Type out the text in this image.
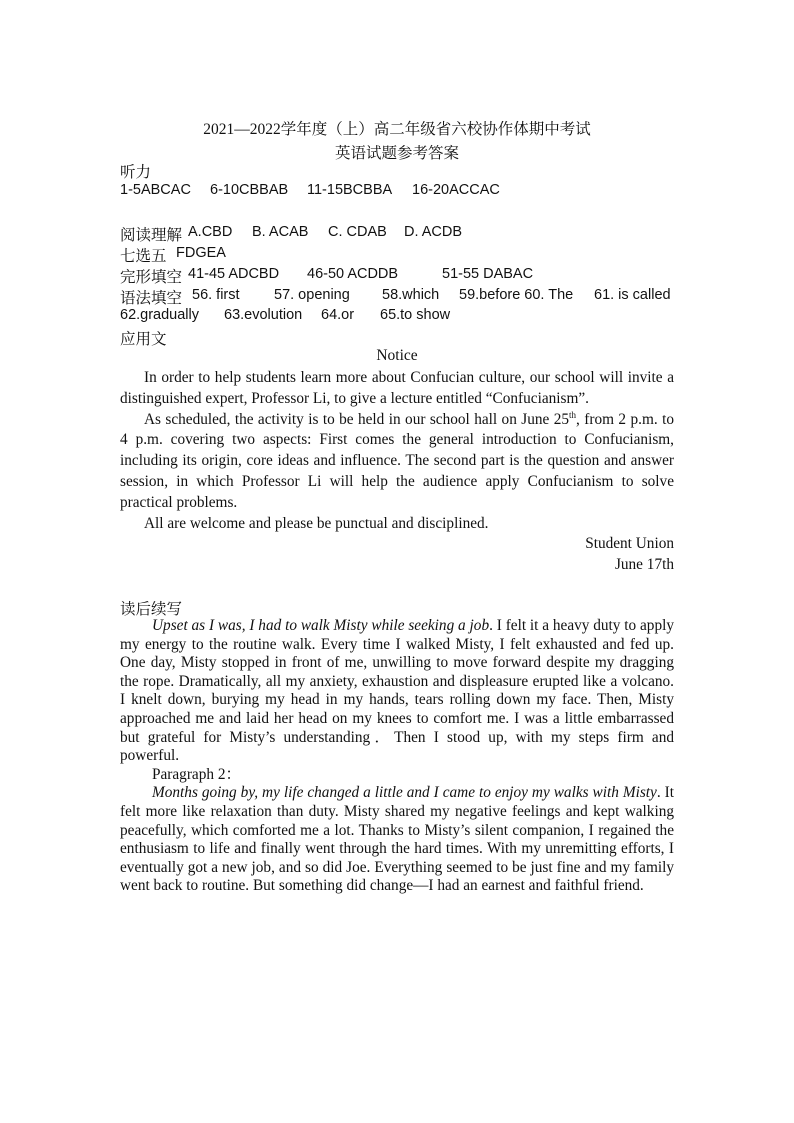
2021—2022学年度（上）高二年级省六校协作体期中考试
英语试题参考答案
听力
1-5ABCAC 6-10CBBAB 11-15BCBBA 16-20ACCAC
阅读理解 A.CBD B. ACAB C. CDAB D. ACDB
七选五 FDGEA
完形填空 41-45 ADCBD 46-50 ACDDB	51-55 DABAC
语法填空 56. first 57. opening 58.which 59.before 60. The 61. is called
62.gradually 63.evolution 64.or 65.to show
应用文
Notice

In order to help students learn more about Confucian culture, our school will invite a distinguished expert, Professor Li, to give a lecture entitled “Confucianism”.

As scheduled, the activity is to be held in our school hall on June 25th, from 2 p.m. to 4 p.m. covering two aspects: First comes the general introduction to Confucianism, including its origin, core ideas and influence. The second part is the question and answer session, in which Professor Li will help the audience apply Confucianism to solve practical problems.

All are welcome and please be punctual and disciplined.

Student Union
June 17th
读后续写

Upset as I was, I had to walk Misty while seeking a job. I felt it a heavy duty to apply my energy to the routine walk. Every time I walked Misty, I felt exhausted and fed up. One day, Misty stopped in front of me, unwilling to move forward despite my dragging the rope. Dramatically, all my anxiety, exhaustion and displeasure erupted like a volcano. I knelt down, burying my head in my hands, tears rolling down my face. Then, Misty approached me and laid her head on my knees to comfort me. I was a little embarrassed but grateful for Misty’s understanding．Then I stood up, with my steps firm and powerful.

Paragraph 2：

Months going by, my life changed a little and I came to enjoy my walks with Misty. It felt more like relaxation than duty. Misty shared my negative feelings and kept walking peacefully, which comforted me a lot. Thanks to Misty’s silent companion, I regained the enthusiasm to life and finally went through the hard times. With my unremitting efforts, I eventually got a new job, and so did Joe. Everything seemed to be just fine and my family went back to routine. But something did change—I had an earnest and faithful friend.
